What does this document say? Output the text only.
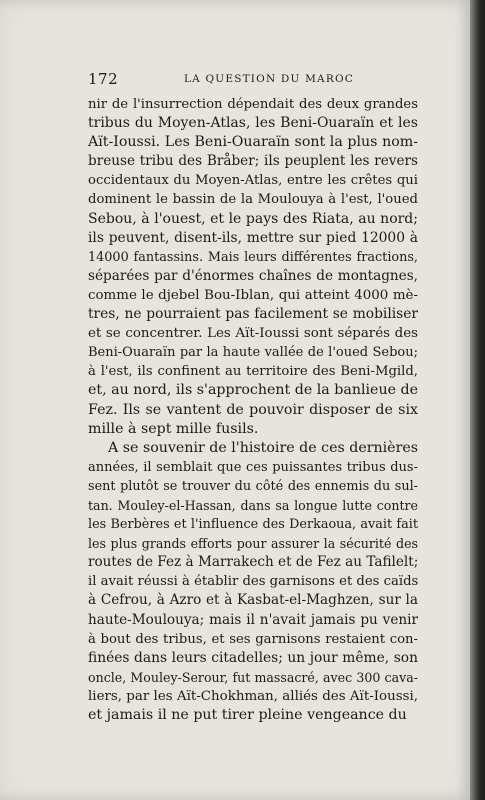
172	LA QUESTION DU MAROC
nir de l'insurrection dépendait des deux grandes
tribus du Moyen-Atlas, les Beni-Ouaraïn et les
Aït-Ioussi. Les Beni-Ouaraïn sont la plus nom-
breuse tribu des Bråber; ils peuplent les revers
occidentaux du Moyen-Atlas, entre les crêtes qui
dominent le bassin de la Moulouya à l'est, l'oued
Sebou, à l'ouest, et le pays des Riata, au nord;
ils peuvent, disent-ils, mettre sur pied 12000 à
14000 fantassins. Mais leurs différentes fractions,
séparées par d'énormes chaînes de montagnes,
comme le djebel Bou-Iblan, qui atteint 4000 mè-
tres, ne pourraient pas facilement se mobiliser
et se concentrer. Les Aït-Ioussi sont séparés des
Beni-Ouaraïn par la haute vallée de l'oued Sebou;
à l'est, ils confinent au territoire des Beni-Mgild,
et, au nord, ils s'approchent de la banlieue de
Fez. Ils se vantent de pouvoir disposer de six
mille à sept mille fusils.
A se souvenir de l'histoire de ces dernières
années, il semblait que ces puissantes tribus dus-
sent plutôt se trouver du côté des ennemis du sul-
tan. Mouley-el-Hassan, dans sa longue lutte contre
les Berbères et l'influence des Derkaoua, avait fait
les plus grands efforts pour assurer la sécurité des
routes de Fez à Marrakech et de Fez au Tafilelt;
il avait réussi à établir des garnisons et des caïds
à Cefrou, à Azro et à Kasbat-el-Maghzen, sur la
haute-Moulouya; mais il n'avait jamais pu venir
à bout des tribus, et ses garnisons restaient con-
finées dans leurs citadelles; un jour même, son
oncle, Mouley-Serour, fut massacré, avec 300 cava-
liers, par les Aït-Chokhman, alliés des Aït-Ioussi,
et jamais il ne put tirer pleine vengeance du
